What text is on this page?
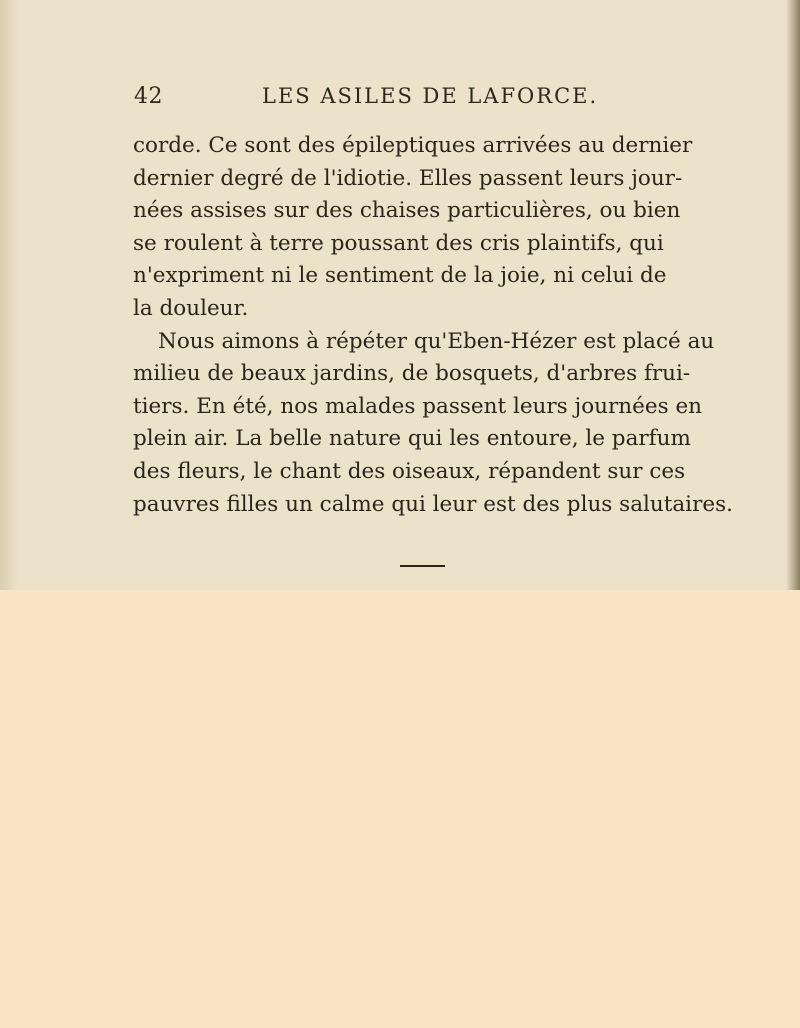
42	LES ASILES DE LAFORCE.
corde. Ce sont des épileptiques arrivées au dernier
dernier degré de l'idiotie. Elles passent leurs jour-
nées assises sur des chaises particulières, ou bien
se roulent à terre poussant des cris plaintifs, qui
n'expriment ni le sentiment de la joie, ni celui de
la douleur.
Nous aimons à répéter qu'Eben-Hézer est placé au
milieu de beaux jardins, de bosquets, d'arbres frui-
tiers. En été, nos malades passent leurs journées en
plein air. La belle nature qui les entoure, le parfum
des fleurs, le chant des oiseaux, répandent sur ces
pauvres filles un calme qui leur est des plus salutaires.
